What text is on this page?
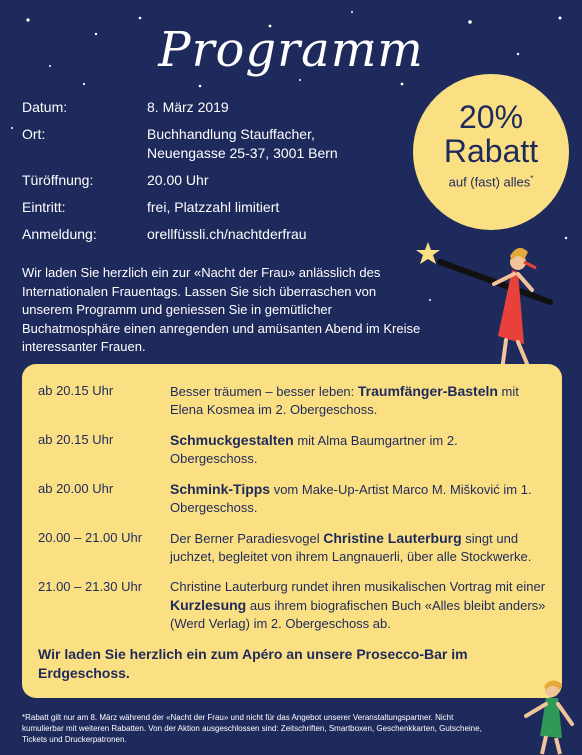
Programm
Datum:	8. März 2019
Ort:	Buchhandlung Stauffacher,
Neuengasse 25-37, 3001 Bern
Türöffnung:	20.00 Uhr
Eintritt:	frei, Platzzahl limitiert
Anmeldung:	orellfüssli.ch/nachtderfrau
20%
Rabatt
auf (fast) alles*
Wir laden Sie herzlich ein zur «Nacht der Frau» anlässlich des Internationalen Frauentags. Lassen Sie sich überraschen von unserem Programm und geniessen Sie in gemütlicher Buchatmosphäre einen anregenden und amüsanten Abend im Kreise interessanter Frauen.
ab 20.15 Uhr	Besser träumen – besser leben: Traumfänger-Basteln mit Elena Kosmea im 2. Obergeschoss.
ab 20.15 Uhr	Schmuckgestalten mit Alma Baumgartner im 2. Obergeschoss.
ab 20.00 Uhr	Schmink-Tipps vom Make-Up-Artist Marco M. Mišković im 1. Obergeschoss.
20.00 – 21.00 Uhr	Der Berner Paradiesvogel Christine Lauterburg singt und juchzet, begleitet von ihrem Langnauerli, über alle Stockwerke.
21.00 – 21.30 Uhr	Christine Lauterburg rundet ihren musikalischen Vortrag mit einer Kurzlesung aus ihrem biografischen Buch «Alles bleibt anders» (Werd Verlag) im 2. Obergeschoss ab.
Wir laden Sie herzlich ein zum Apéro an unsere Prosecco-Bar im Erdgeschoss.
*Rabatt gilt nur am 8. März während der «Nacht der Frau» und nicht für das Angebot unserer Veranstaltungspartner. Nicht kumulierbar mit weiteren Rabatten. Von der Aktion ausgeschlossen sind: Zeitschriften, Smartboxen, Geschenkkarten, Gutscheine, Tickets und Druckerpatronen.
